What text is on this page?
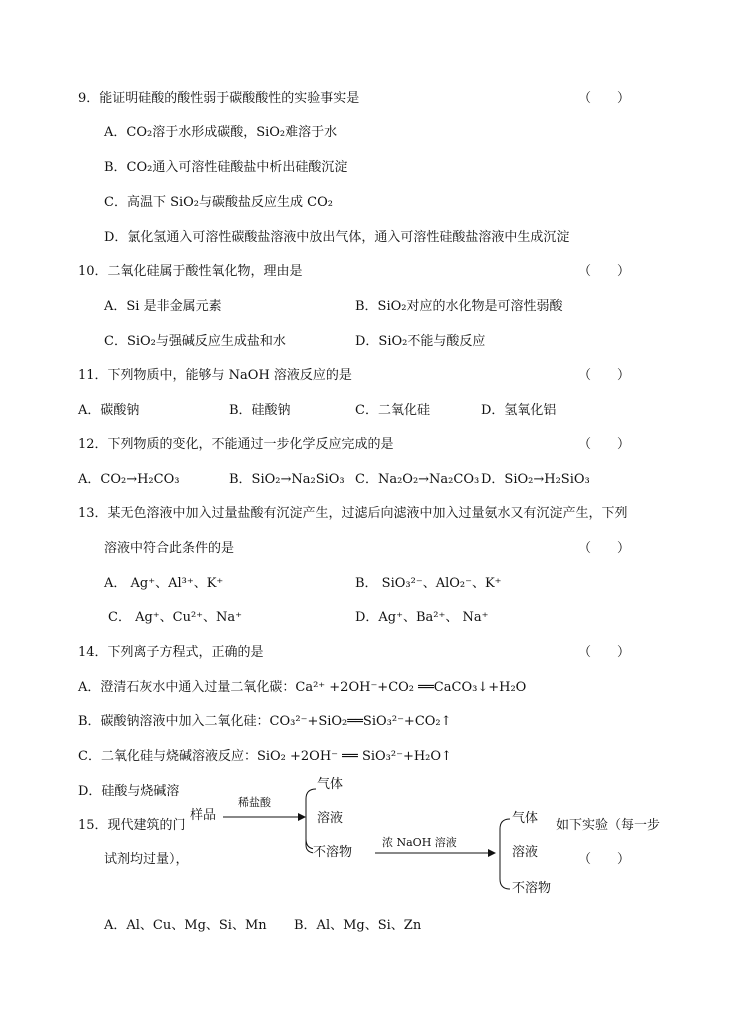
9．能证明硅酸的酸性弱于碳酸酸性的实验事实是	（　　）
A．CO₂溶于水形成碳酸，SiO₂难溶于水
B．CO₂通入可溶性硅酸盐中析出硅酸沉淀
C．高温下 SiO₂与碳酸盐反应生成 CO₂
D．氯化氢通入可溶性碳酸盐溶液中放出气体，通入可溶性硅酸盐溶液中生成沉淀
10．二氧化硅属于酸性氧化物，理由是	（　　）
A．Si 是非金属元素	B．SiO₂对应的水化物是可溶性弱酸
C．SiO₂与强碱反应生成盐和水	D．SiO₂不能与酸反应
11．下列物质中，能够与 NaOH 溶液反应的是	（　　）
A．碳酸钠	B．硅酸钠	C．二氧化硅	D．氢氧化铝
12．下列物质的变化，不能通过一步化学反应完成的是	（　　）
A．CO₂→H₂CO₃	B．SiO₂→Na₂SiO₃ C．Na₂O₂→Na₂CO₃ D．SiO₂→H₂SiO₃
13．某无色溶液中加入过量盐酸有沉淀产生，过滤后向滤液中加入过量氨水又有沉淀产生，下列
溶液中符合此条件的是	（　　）
A． Ag⁺、Al³⁺、K⁺	B． SiO₃²⁻、AlO₂⁻、K⁺
C． Ag⁺、Cu²⁺、Na⁺	D．Ag⁺、Ba²⁺、 Na⁺
14．下列离子方程式，正确的是	（　　）
A．澄清石灰水中通入过量二氧化碳：Ca²⁺ +2OH⁻+CO₂ ══CaCO₃↓+H₂O
B．碳酸钠溶液中加入二氧化硅：CO₃²⁻+SiO₂══SiO₃²⁻+CO₂↑
C．二氧化硅与烧碱溶液反应：SiO₂ +2OH⁻ ══ SiO₃²⁻+H₂O↑
D．硅酸与烧碱溶
15．现代建筑的门	如下实验（每一步
试剂均过量），	（　　）
样品
稀盐酸
气体
溶液
不溶物
浓 NaOH 溶液
气体
溶液
不溶物
A．Al、Cu、Mg、Si、Mn B．Al、Mg、Si、Zn
